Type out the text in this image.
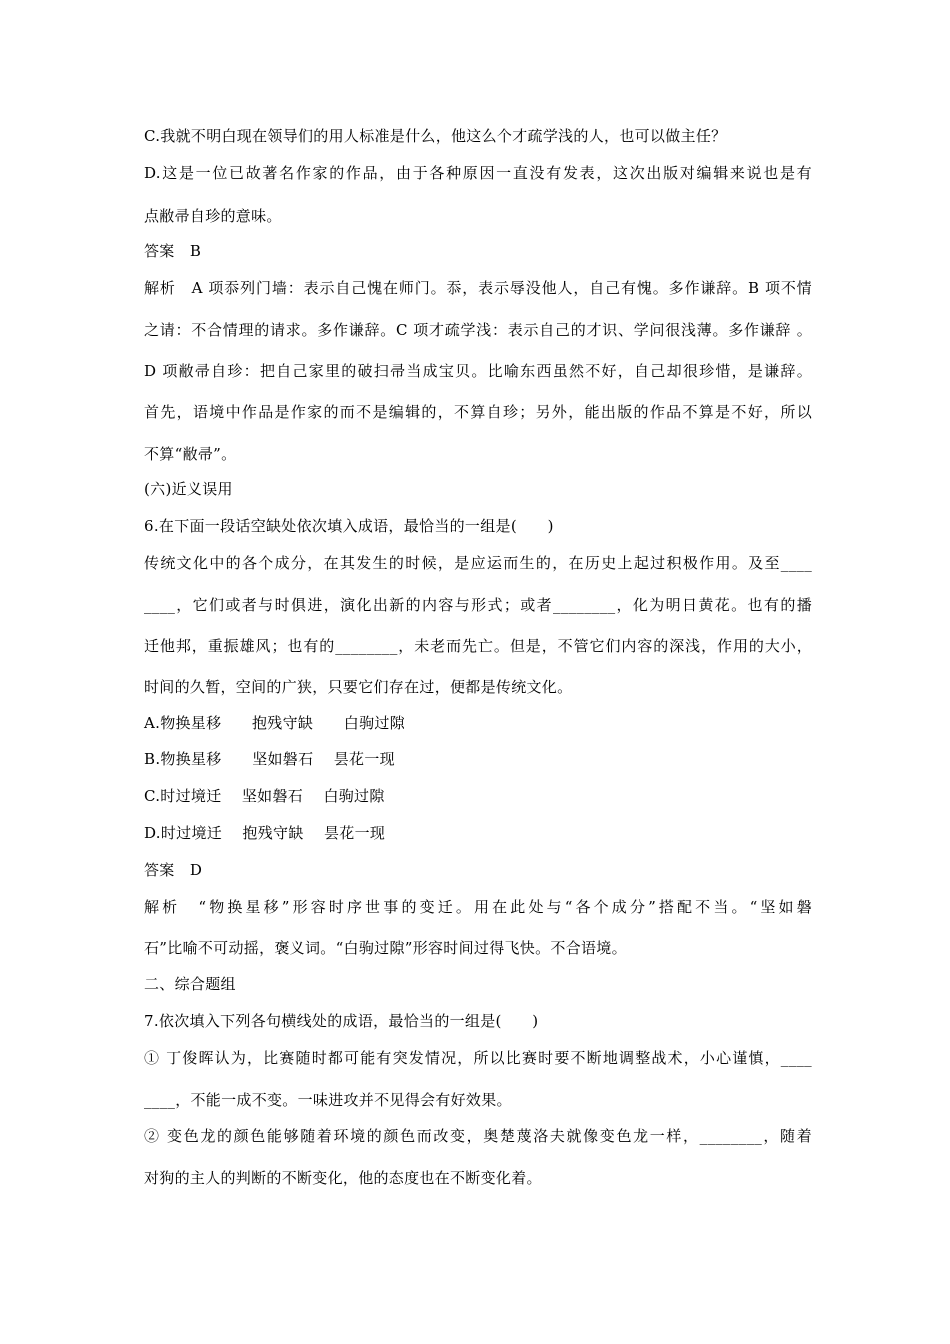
C.我就不明白现在领导们的用人标准是什么，他这么个才疏学浅的人，也可以做主任？
D.这是一位已故著名作家的作品，由于各种原因一直没有发表，这次出版对编辑来说也是有
点敝帚自珍的意味。
答案　B
解析　A 项忝列门墙：表示自己愧在师门。忝，表示辱没他人，自己有愧。多作谦辞。B 项不情
之请：不合情理的请求。多作谦辞。C 项才疏学浅：表示自己的才识、学问很浅薄。多作谦辞 。
D 项敝帚自珍：把自己家里的破扫帚当成宝贝。比喻东西虽然不好，自己却很珍惜，是谦辞。
首先，语境中作品是作家的而不是编辑的，不算自珍；另外，能出版的作品不算是不好，所以
不算“敝帚”。
(六)近义误用
6.在下面一段话空缺处依次填入成语，最恰当的一组是(　　)
传统文化中的各个成分，在其发生的时候，是应运而生的，在历史上起过积极作用。及至____
____，它们或者与时俱进，演化出新的内容与形式；或者________，化为明日黄花。也有的播
迁他邦，重振雄风；也有的________，未老而先亡。但是，不管它们内容的深浅，作用的大小，
时间的久暂，空间的广狭，只要它们存在过，便都是传统文化。
A.物换星移　　抱残守缺　　白驹过隙
B.物换星移　　坚如磐石　 昙花一现
C.时过境迁　 坚如磐石　 白驹过隙
D.时过境迁　 抱残守缺　 昙花一现
答案　D
解析　“物换星移”形容时序世事的变迁。用在此处与“各个成分”搭配不当。“坚如磐
石”比喻不可动摇，褒义词。“白驹过隙”形容时间过得飞快。不合语境。
二、综合题组
7.依次填入下列各句横线处的成语，最恰当的一组是(　　)
① 丁俊晖认为，比赛随时都可能有突发情况，所以比赛时要不断地调整战术，小心谨慎，____
____，不能一成不变。一味进攻并不见得会有好效果。
② 变色龙的颜色能够随着环境的颜色而改变，奥楚蔑洛夫就像变色龙一样，________，随着
对狗的主人的判断的不断变化，他的态度也在不断变化着。
